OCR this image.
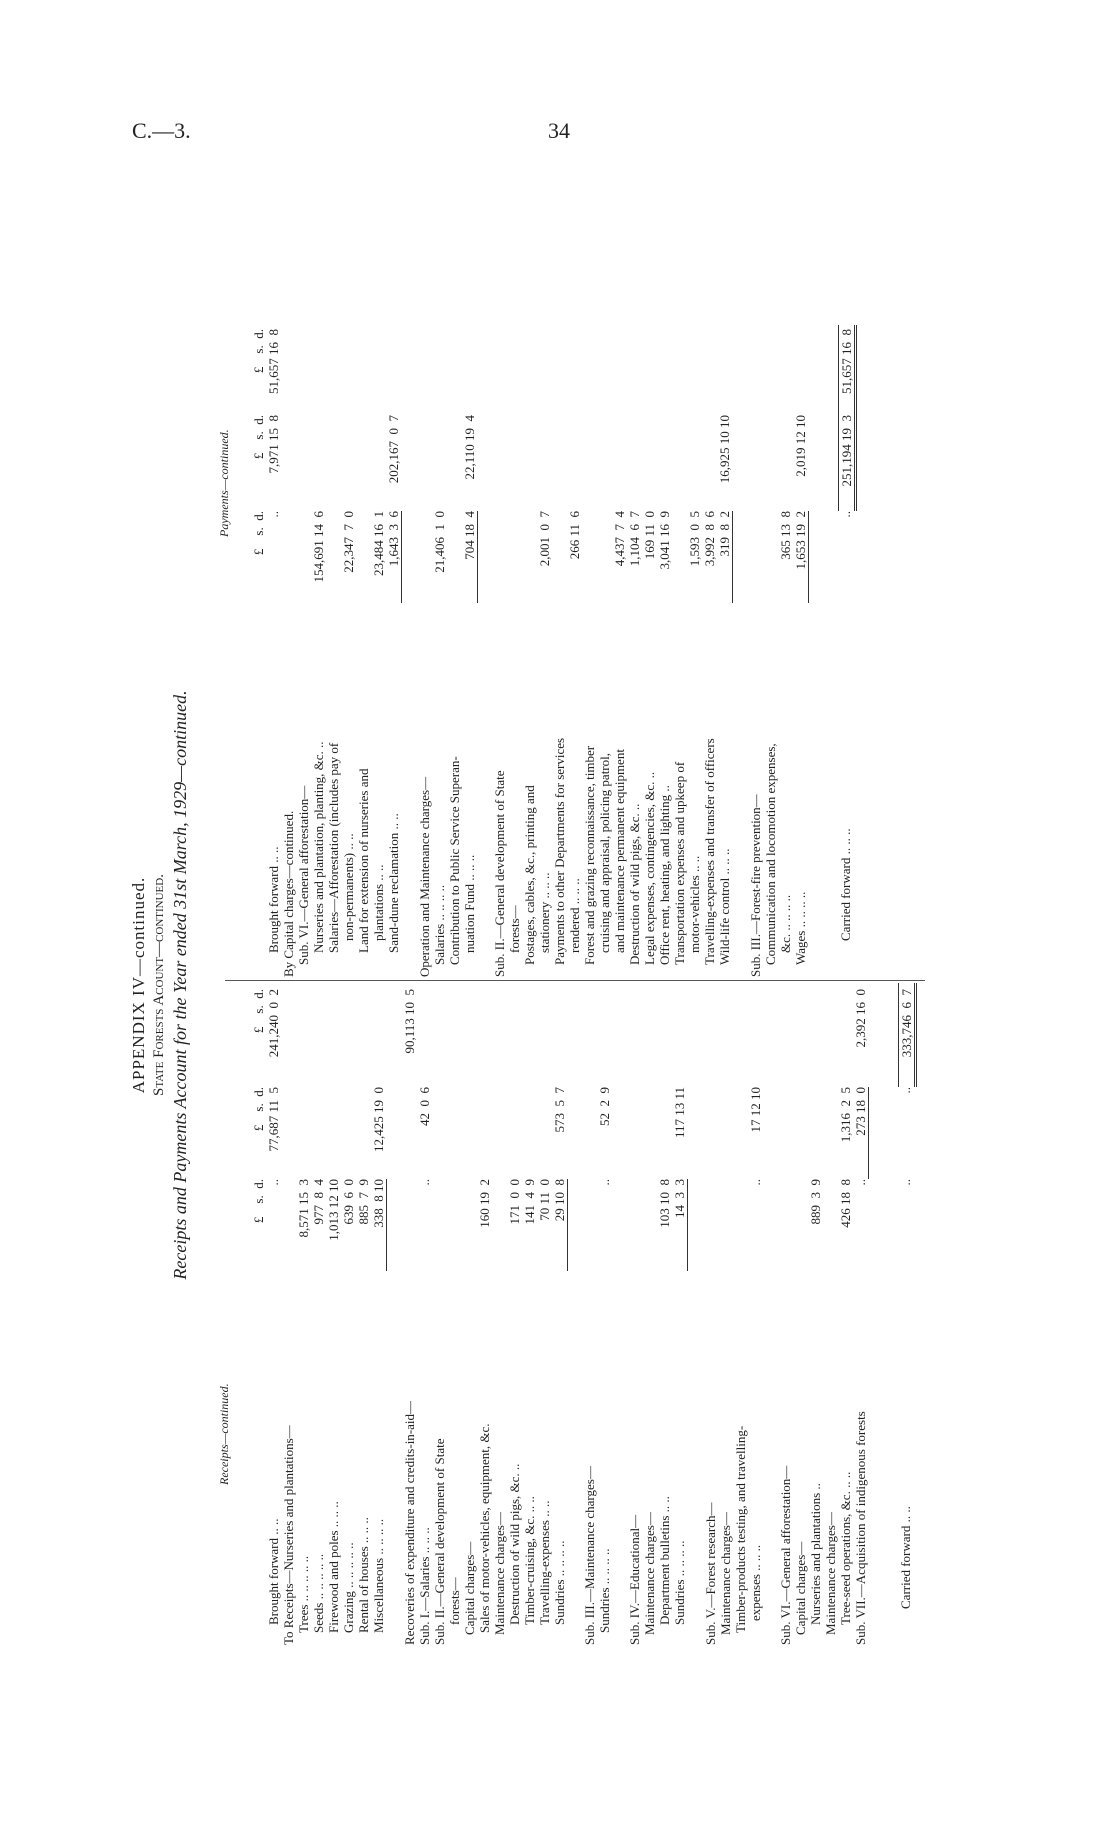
C.—3.	34
APPENDIX IV—continued. State Forests Acount—continued. Receipts and Payments Account for the Year ended 31st March, 1929—continued.
Receipts—continued.
	£    s.  d.	£    s.  d.	£    s.  d.
Brought forward .. ..	..	77,687 11  5	241,240  0  2
To Receipts—Nurseries and plantations—			
Trees .. .. .. .. ..	8,571 15  3		
Seeds .. .. .. .. ..	977  8  4		
Firewood and poles .. .. ..	1,013 12 10		
Grazing .. .. .. .. ..	639  6  0		
Rental of houses .. .. ..	885  7  9		
Miscellaneous .. .. .. ..	338  8 10	12,425 19  0	

Recoveries of expenditure and credits-in-aid—			90,113 10  5
Sub. I.—Salaries .. .. ..	..	42  0  6	
Sub. II.—General development of State			
forests—			
Capital charges—			
Sales of motor-vehicles, equipment, &c.	160 19  2		
Maintenance charges—			
Destruction of wild pigs, &c. ..	171  0  0		
Timber-cruising, &c. .. ..	141  4  9		
Travelling-expenses .. ..	70 11  0		
Sundries .. .. .. ..	29 10  8	573  5  7	

Sub. III.—Maintenance charges—			
Sundries .. .. .. ..	..	52  2  9	

Sub. IV.—Educational—			
Maintenance charges—			
Department bulletins .. ..	103 10  8		
Sundries .. .. .. ..	14  3  3	117 13 11	

Sub. V.—Forest research—			
Maintenance charges—			
Timber-products testing, and travelling-			
expenses .. .. ..	..	17 12 10	

Sub. VI.—General afforestation—			
Capital charges—			
Nurseries and plantations ..	889  3  9		
Maintenance charges—			
Tree-seed operations, &c. .. ..	426 18  8	1,316  2  5	
Sub. VII.—Acquisition of indigenous forests	..	273 18  0	2,392 16  0

Carried forward .. ..	..	..	333,746  6  7
Payments—continued.
	£    s.  d.	£    s.  d.	£    s.  d.
Brought forward .. ..	..	7,971 15  8	51,657 16  8
By Capital charges—continued.			
Sub. VI.—General afforestation—			
Nurseries and plantation, planting, &c. ..	154,691 14  6		
Salaries—Afforestation (includes pay of			
non-permanents) .. ..	22,347  7  0		
Land for extension of nurseries and			
plantations .. ..	23,484 16  1		
Sand-dune reclamation .. ..	1,643  3  6	202,167  0  7	

Operation and Maintenance charges—			
Salaries .. .. .. ..	21,406  1  0		
Contribution to Public Service Superan-			
nuation Fund .. .. ..	704 18  4	22,110 19  4	

Sub. II.—General development of State			
forests—			
Postages, cables, &c., printing and			
stationery .. .. ..	2,001  0  7		
Payments to other Departments for services			
rendered .. .. ..	266 11  6		
Forest and grazing reconnaissance, timber			
cruising and appraisal, policing patrol,			
and maintenance permanent equipment	4,437  7  4		
Destruction of wild pigs, &c. ..	1,104  6  7		
Legal expenses, contingencies, &c. ..	169 11  0		
Office rent, heating, and lighting ..	3,041 16  9		
Transportation expenses and upkeep of			
motor-vehicles .. ..	1,593  0  5		
Travelling-expenses and transfer of officers	3,992  8  6		
Wild-life control .. .. ..	319  8  2	16,925 10 10	

Sub. III.—Forest-fire prevention—			
Communication and locomotion expenses,			
&c. .. .. .. ..	365 13  8		
Wages .. .. .. ..	1,653 19  2	2,019 12 10	

Carried forward .. .. ..	..	251,194 19  3	51,657 16  8
